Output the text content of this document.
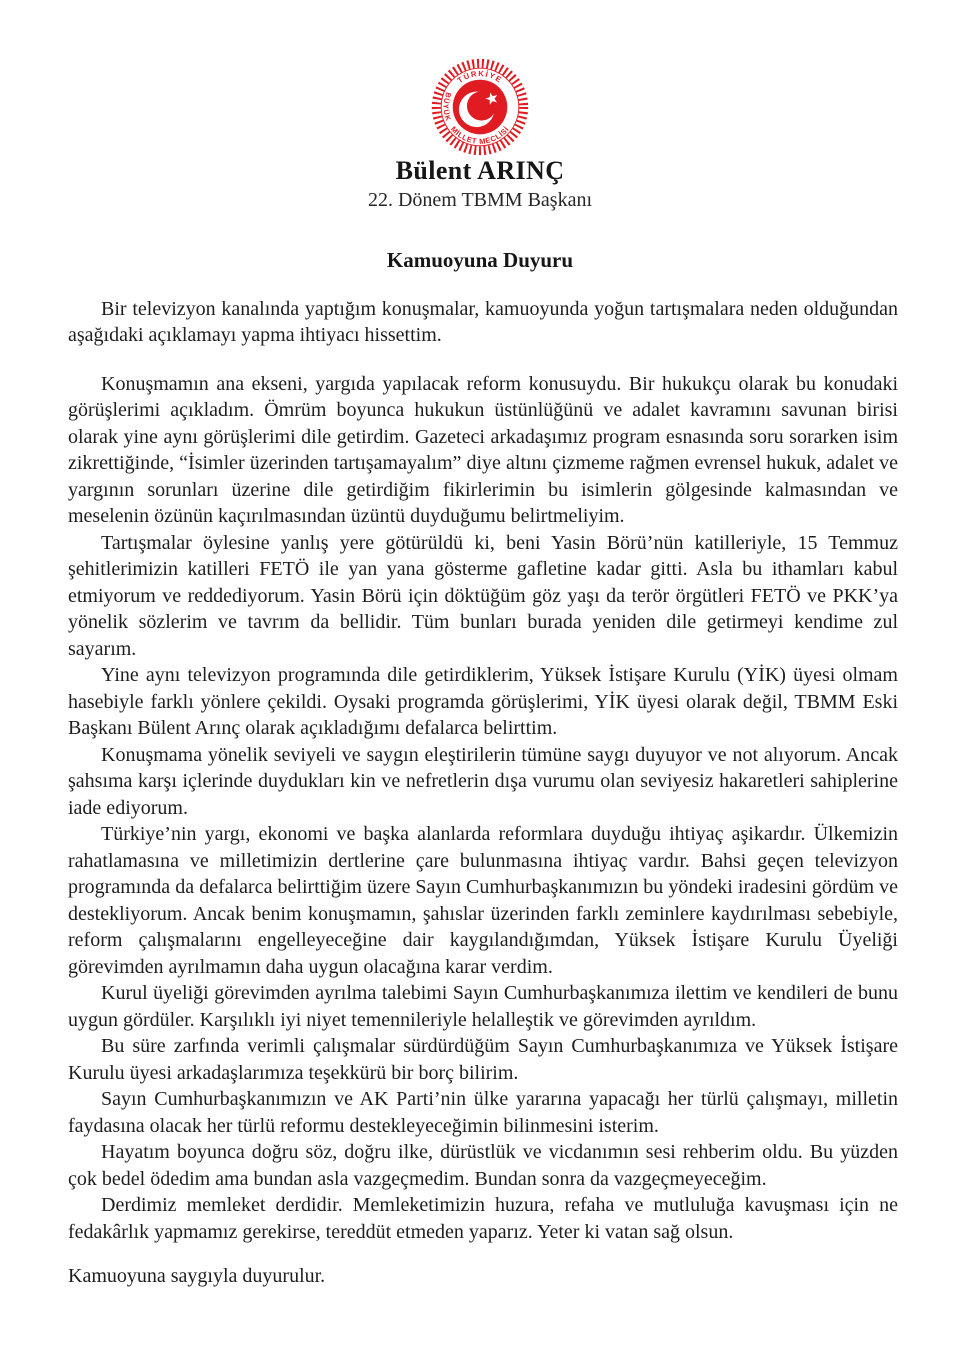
TÜRKİYE
BÜYÜK
MİLLET MECLİSİ
Bülent ARINÇ
22. Dönem TBMM Başkanı
Kamuoyuna Duyuru

Bir televizyon kanalında yaptığım konuşmalar, kamuoyunda yoğun tartışmalara neden olduğundan aşağıdaki açıklamayı yapma ihtiyacı hissettim.

Konuşmamın ana ekseni, yargıda yapılacak reform konusuydu. Bir hukukçu olarak bu konudaki görüşlerimi açıkladım. Ömrüm boyunca hukukun üstünlüğünü ve adalet kavramını savunan birisi olarak yine aynı görüşlerimi dile getirdim. Gazeteci arkadaşımız program esnasında soru sorarken isim zikrettiğinde, “İsimler üzerinden tartışamayalım” diye altını çizmeme rağmen evrensel hukuk, adalet ve yargının sorunları üzerine dile getirdiğim fikirlerimin bu isimlerin gölgesinde kalmasından ve meselenin özünün kaçırılmasından üzüntü duyduğumu belirtmeliyim.

Tartışmalar öylesine yanlış yere götürüldü ki, beni Yasin Börü’nün katilleriyle, 15 Temmuz şehitlerimizin katilleri FETÖ ile yan yana gösterme gafletine kadar gitti. Asla bu ithamları kabul etmiyorum ve reddediyorum. Yasin Börü için döktüğüm göz yaşı da terör örgütleri FETÖ ve PKK’ya yönelik sözlerim ve tavrım da bellidir. Tüm bunları burada yeniden dile getirmeyi kendime zul sayarım.

Yine aynı televizyon programında dile getirdiklerim, Yüksek İstişare Kurulu (YİK) üyesi olmam hasebiyle farklı yönlere çekildi. Oysaki programda görüşlerimi, YİK üyesi olarak değil, TBMM Eski Başkanı Bülent Arınç olarak açıkladığımı defalarca belirttim.

Konuşmama yönelik seviyeli ve saygın eleştirilerin tümüne saygı duyuyor ve not alıyorum. Ancak şahsıma karşı içlerinde duydukları kin ve nefretlerin dışa vurumu olan seviyesiz hakaretleri sahiplerine iade ediyorum.

Türkiye’nin yargı, ekonomi ve başka alanlarda reformlara duyduğu ihtiyaç aşikardır. Ülkemizin rahatlamasına ve milletimizin dertlerine çare bulunmasına ihtiyaç vardır. Bahsi geçen televizyon programında da defalarca belirttiğim üzere Sayın Cumhurbaşkanımızın bu yöndeki iradesini gördüm ve destekliyorum. Ancak benim konuşmamın, şahıslar üzerinden farklı zeminlere kaydırılması sebebiyle, reform çalışmalarını engelleyeceğine dair kaygılandığımdan, Yüksek İstişare Kurulu Üyeliği görevimden ayrılmamın daha uygun olacağına karar verdim.

Kurul üyeliği görevimden ayrılma talebimi Sayın Cumhurbaşkanımıza ilettim ve kendileri de bunu uygun gördüler. Karşılıklı iyi niyet temennileriyle helalleştik ve görevimden ayrıldım.

Bu süre zarfında verimli çalışmalar sürdürdüğüm Sayın Cumhurbaşkanımıza ve Yüksek İstişare Kurulu üyesi arkadaşlarımıza teşekkürü bir borç bilirim.

Sayın Cumhurbaşkanımızın ve AK Parti’nin ülke yararına yapacağı her türlü çalışmayı, milletin faydasına olacak her türlü reformu destekleyeceğimin bilinmesini isterim.

Hayatım boyunca doğru söz, doğru ilke, dürüstlük ve vicdanımın sesi rehberim oldu. Bu yüzden çok bedel ödedim ama bundan asla vazgeçmedim. Bundan sonra da vazgeçmeyeceğim.

Derdimiz memleket derdidir. Memleketimizin huzura, refaha ve mutluluğa kavuşması için ne fedakârlık yapmamız gerekirse, tereddüt etmeden yaparız. Yeter ki vatan sağ olsun.

Kamuoyuna saygıyla duyurulur.
